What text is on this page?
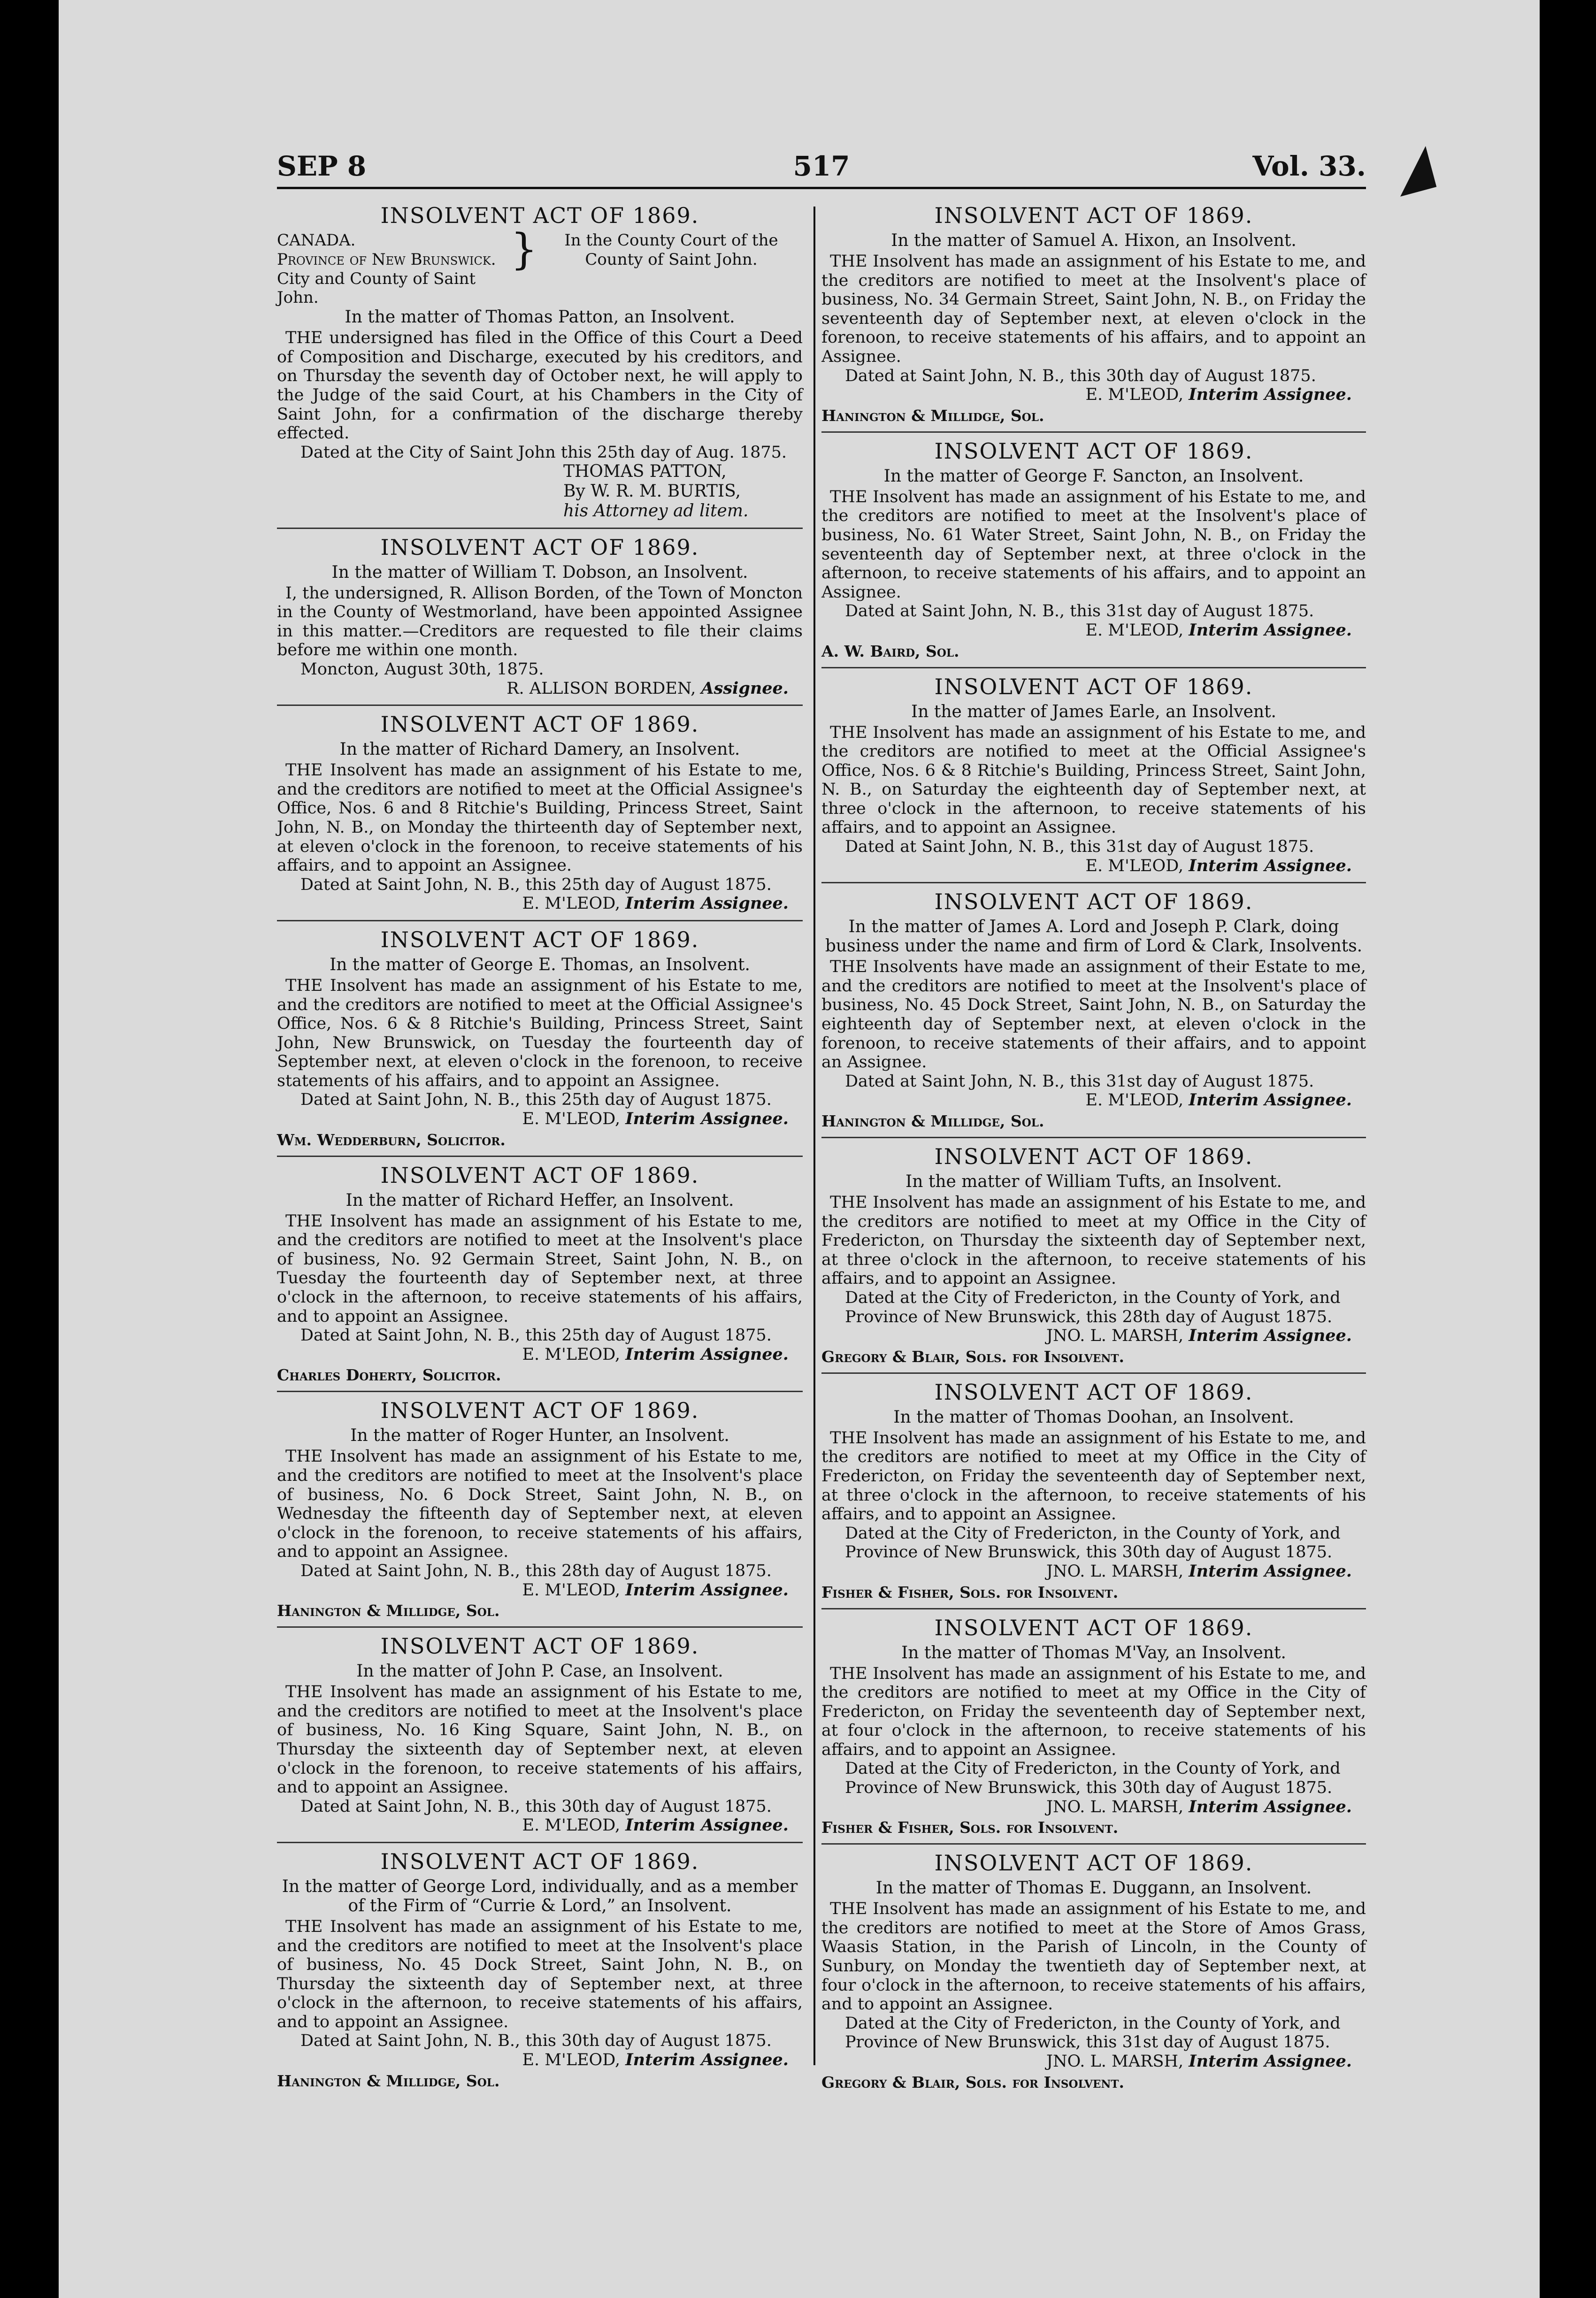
SEP 8	517	Vol. 33.
INSOLVENT ACT OF 1869.
CANADA.
Province of New Brunswick.
City and County of Saint John.
}	In the County Court of the
County of Saint John.
In the matter of Thomas Patton, an Insolvent.

THE undersigned has filed in the Office of this Court a Deed of Composition and Discharge, executed by his creditors, and on Thursday the seventh day of October next, he will apply to the Judge of the said Court, at his Chambers in the City of Saint John, for a confirmation of the discharge thereby effected.

Dated at the City of Saint John this 25th day of Aug. 1875.

THOMAS PATTON,
By W. R. M. BURTIS,
his Attorney ad litem.
INSOLVENT ACT OF 1869.
In the matter of William T. Dobson, an Insolvent.

I, the undersigned, R. Allison Borden, of the Town of Moncton in the County of Westmorland, have been appointed Assignee in this matter.—Creditors are requested to file their claims before me within one month.

Moncton, August 30th, 1875.

R. ALLISON BORDEN, Assignee.

INSOLVENT ACT OF 1869.
In the matter of Richard Damery, an Insolvent.

THE Insolvent has made an assignment of his Estate to me, and the creditors are notified to meet at the Official Assignee's Office, Nos. 6 and 8 Ritchie's Building, Princess Street, Saint John, N. B., on Monday the thirteenth day of September next, at eleven o'clock in the forenoon, to receive statements of his affairs, and to appoint an Assignee.

Dated at Saint John, N. B., this 25th day of August 1875.

E. M'LEOD, Interim Assignee.

INSOLVENT ACT OF 1869.
In the matter of George E. Thomas, an Insolvent.

THE Insolvent has made an assignment of his Estate to me, and the creditors are notified to meet at the Official Assignee's Office, Nos. 6 & 8 Ritchie's Building, Princess Street, Saint John, New Brunswick, on Tuesday the fourteenth day of September next, at eleven o'clock in the forenoon, to receive statements of his affairs, and to appoint an Assignee.

Dated at Saint John, N. B., this 25th day of August 1875.

E. M'LEOD, Interim Assignee.

Wm. Wedderburn, Solicitor.

INSOLVENT ACT OF 1869.
In the matter of Richard Heffer, an Insolvent.

THE Insolvent has made an assignment of his Estate to me, and the creditors are notified to meet at the Insolvent's place of business, No. 92 Germain Street, Saint John, N. B., on Tuesday the fourteenth day of September next, at three o'clock in the afternoon, to receive statements of his affairs, and to appoint an Assignee.

Dated at Saint John, N. B., this 25th day of August 1875.

E. M'LEOD, Interim Assignee.

Charles Doherty, Solicitor.

INSOLVENT ACT OF 1869.
In the matter of Roger Hunter, an Insolvent.

THE Insolvent has made an assignment of his Estate to me, and the creditors are notified to meet at the Insolvent's place of business, No. 6 Dock Street, Saint John, N. B., on Wednesday the fifteenth day of September next, at eleven o'clock in the forenoon, to receive statements of his affairs, and to appoint an Assignee.

Dated at Saint John, N. B., this 28th day of August 1875.

E. M'LEOD, Interim Assignee.

Hanington & Millidge, Sol.

INSOLVENT ACT OF 1869.
In the matter of John P. Case, an Insolvent.

THE Insolvent has made an assignment of his Estate to me, and the creditors are notified to meet at the Insolvent's place of business, No. 16 King Square, Saint John, N. B., on Thursday the sixteenth day of September next, at eleven o'clock in the forenoon, to receive statements of his affairs, and to appoint an Assignee.

Dated at Saint John, N. B., this 30th day of August 1875.

E. M'LEOD, Interim Assignee.

INSOLVENT ACT OF 1869.
In the matter of George Lord, individually, and as a member of the Firm of “Currie & Lord,” an Insolvent.

THE Insolvent has made an assignment of his Estate to me, and the creditors are notified to meet at the Insolvent's place of business, No. 45 Dock Street, Saint John, N. B., on Thursday the sixteenth day of September next, at three o'clock in the afternoon, to receive statements of his affairs, and to appoint an Assignee.

Dated at Saint John, N. B., this 30th day of August 1875.

E. M'LEOD, Interim Assignee.

Hanington & Millidge, Sol.

INSOLVENT ACT OF 1869.
In the matter of Samuel A. Hixon, an Insolvent.

THE Insolvent has made an assignment of his Estate to me, and the creditors are notified to meet at the Insolvent's place of business, No. 34 Germain Street, Saint John, N. B., on Friday the seventeenth day of September next, at eleven o'clock in the forenoon, to receive statements of his affairs, and to appoint an Assignee.

Dated at Saint John, N. B., this 30th day of August 1875.

E. M'LEOD, Interim Assignee.

Hanington & Millidge, Sol.

INSOLVENT ACT OF 1869.
In the matter of George F. Sancton, an Insolvent.

THE Insolvent has made an assignment of his Estate to me, and the creditors are notified to meet at the Insolvent's place of business, No. 61 Water Street, Saint John, N. B., on Friday the seventeenth day of September next, at three o'clock in the afternoon, to receive statements of his affairs, and to appoint an Assignee.

Dated at Saint John, N. B., this 31st day of August 1875.

E. M'LEOD, Interim Assignee.

A. W. Baird, Sol.

INSOLVENT ACT OF 1869.
In the matter of James Earle, an Insolvent.

THE Insolvent has made an assignment of his Estate to me, and the creditors are notified to meet at the Official Assignee's Office, Nos. 6 & 8 Ritchie's Building, Princess Street, Saint John, N. B., on Saturday the eighteenth day of September next, at three o'clock in the afternoon, to receive statements of his affairs, and to appoint an Assignee.

Dated at Saint John, N. B., this 31st day of August 1875.

E. M'LEOD, Interim Assignee.

INSOLVENT ACT OF 1869.
In the matter of James A. Lord and Joseph P. Clark, doing business under the name and firm of Lord & Clark, Insolvents.

THE Insolvents have made an assignment of their Estate to me, and the creditors are notified to meet at the Insolvent's place of business, No. 45 Dock Street, Saint John, N. B., on Saturday the eighteenth day of September next, at eleven o'clock in the forenoon, to receive statements of their affairs, and to appoint an Assignee.

Dated at Saint John, N. B., this 31st day of August 1875.

E. M'LEOD, Interim Assignee.

Hanington & Millidge, Sol.

INSOLVENT ACT OF 1869.
In the matter of William Tufts, an Insolvent.

THE Insolvent has made an assignment of his Estate to me, and the creditors are notified to meet at my Office in the City of Fredericton, on Thursday the sixteenth day of September next, at three o'clock in the afternoon, to receive statements of his affairs, and to appoint an Assignee.

Dated at the City of Fredericton, in the County of York, and Province of New Brunswick, this 28th day of August 1875.

JNO. L. MARSH, Interim Assignee.

Gregory & Blair, Sols. for Insolvent.

INSOLVENT ACT OF 1869.
In the matter of Thomas Doohan, an Insolvent.

THE Insolvent has made an assignment of his Estate to me, and the creditors are notified to meet at my Office in the City of Fredericton, on Friday the seventeenth day of September next, at three o'clock in the afternoon, to receive statements of his affairs, and to appoint an Assignee.

Dated at the City of Fredericton, in the County of York, and Province of New Brunswick, this 30th day of August 1875.

JNO. L. MARSH, Interim Assignee.

Fisher & Fisher, Sols. for Insolvent.

INSOLVENT ACT OF 1869.
In the matter of Thomas M'Vay, an Insolvent.

THE Insolvent has made an assignment of his Estate to me, and the creditors are notified to meet at my Office in the City of Fredericton, on Friday the seventeenth day of September next, at four o'clock in the afternoon, to receive statements of his affairs, and to appoint an Assignee.

Dated at the City of Fredericton, in the County of York, and Province of New Brunswick, this 30th day of August 1875.

JNO. L. MARSH, Interim Assignee.

Fisher & Fisher, Sols. for Insolvent.

INSOLVENT ACT OF 1869.
In the matter of Thomas E. Duggann, an Insolvent.

THE Insolvent has made an assignment of his Estate to me, and the creditors are notified to meet at the Store of Amos Grass, Waasis Station, in the Parish of Lincoln, in the County of Sunbury, on Monday the twentieth day of September next, at four o'clock in the afternoon, to receive statements of his affairs, and to appoint an Assignee.

Dated at the City of Fredericton, in the County of York, and Province of New Brunswick, this 31st day of August 1875.

JNO. L. MARSH, Interim Assignee.

Gregory & Blair, Sols. for Insolvent.
